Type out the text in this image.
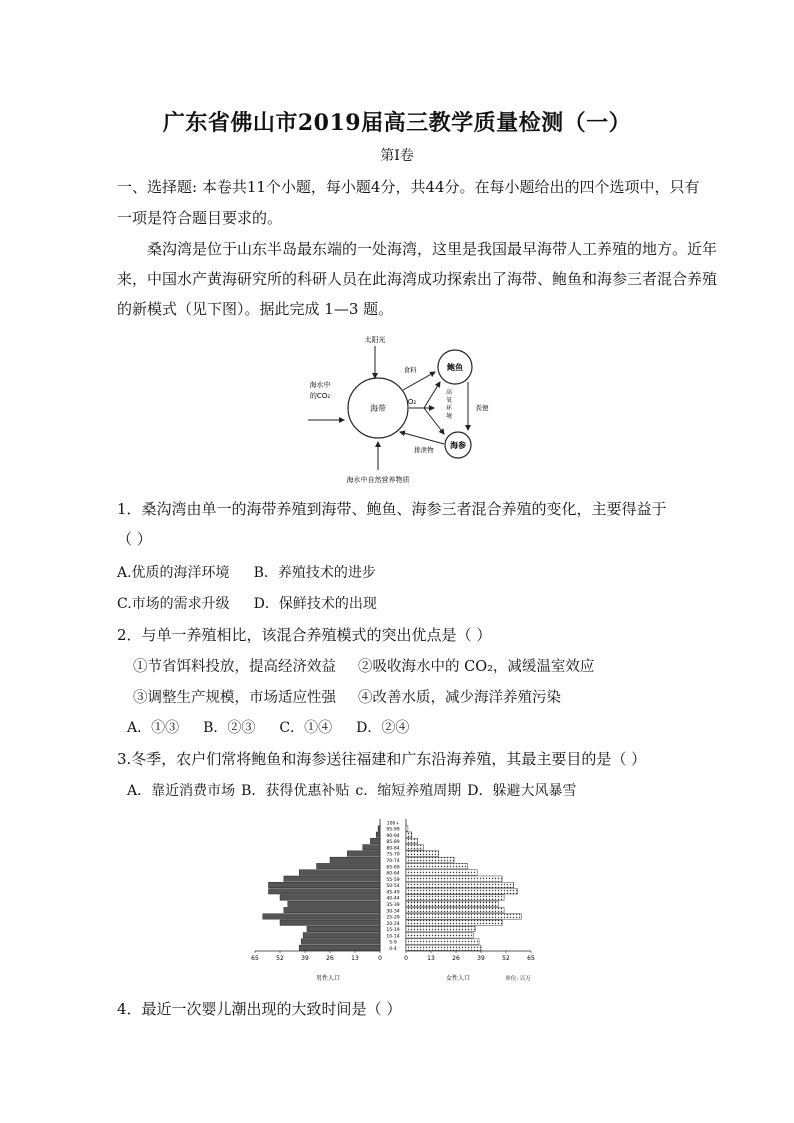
广东省佛山市2019届高三教学质量检测（一）
第I卷
一、选择题: 本卷共11个小题，每小题4分，共44分。在每小题给出的四个选项中，只有
一项是符合题目要求的。
桑沟湾是位于山东半岛最东端的一处海湾，这里是我国最早海带人工养殖的地方。近年
来，中国水产黄海研究所的科研人员在此海湾成功探索出了海带、鲍鱼和海参三者混合养殖
的新模式（见下图）。据此完成 1—3 题。
太阳光
海水中
的CO₂
海带
鲍鱼
海参
食料
O₂
高
氧
环
境
粪便
排泄物
海水中自然营养物质
1．桑沟湾由单一的海带养殖到海带、鲍鱼、海参三者混合养殖的变化，主要得益于
（ ）
A.优质的海洋环境 B．养殖技术的进步
C.市场的需求升级 D．保鲜技术的出现
2．与单一养殖相比，该混合养殖模式的突出优点是（ ）
①节省饵料投放，提高经济效益 ②吸收海水中的 CO₂，减缓温室效应
③调整生产规模，市场适应性强 ④改善水质，减少海洋养殖污染
A．①③ B．②③ C．①④ D．②④
3.冬季，农户们常将鲍鱼和海参送往福建和广东沿海养殖，其最主要目的是（ ）
A．靠近消费市场 B．获得优惠补贴 c．缩短养殖周期 D．躲避大风暴雪
0-4
5-9
10-14
15-19
20-24
25-29
30-34
35-39
40-44
45-49
50-54
55-59
60-64
65-69
70-74
75-79
80-84
85-89
90-94
95-99
100+
65	52	39	26	13	0	0	13	26	39	52	65
男性人口	女性人口	单位: 百万
4．最近一次婴儿潮出现的大致时间是（ ）
